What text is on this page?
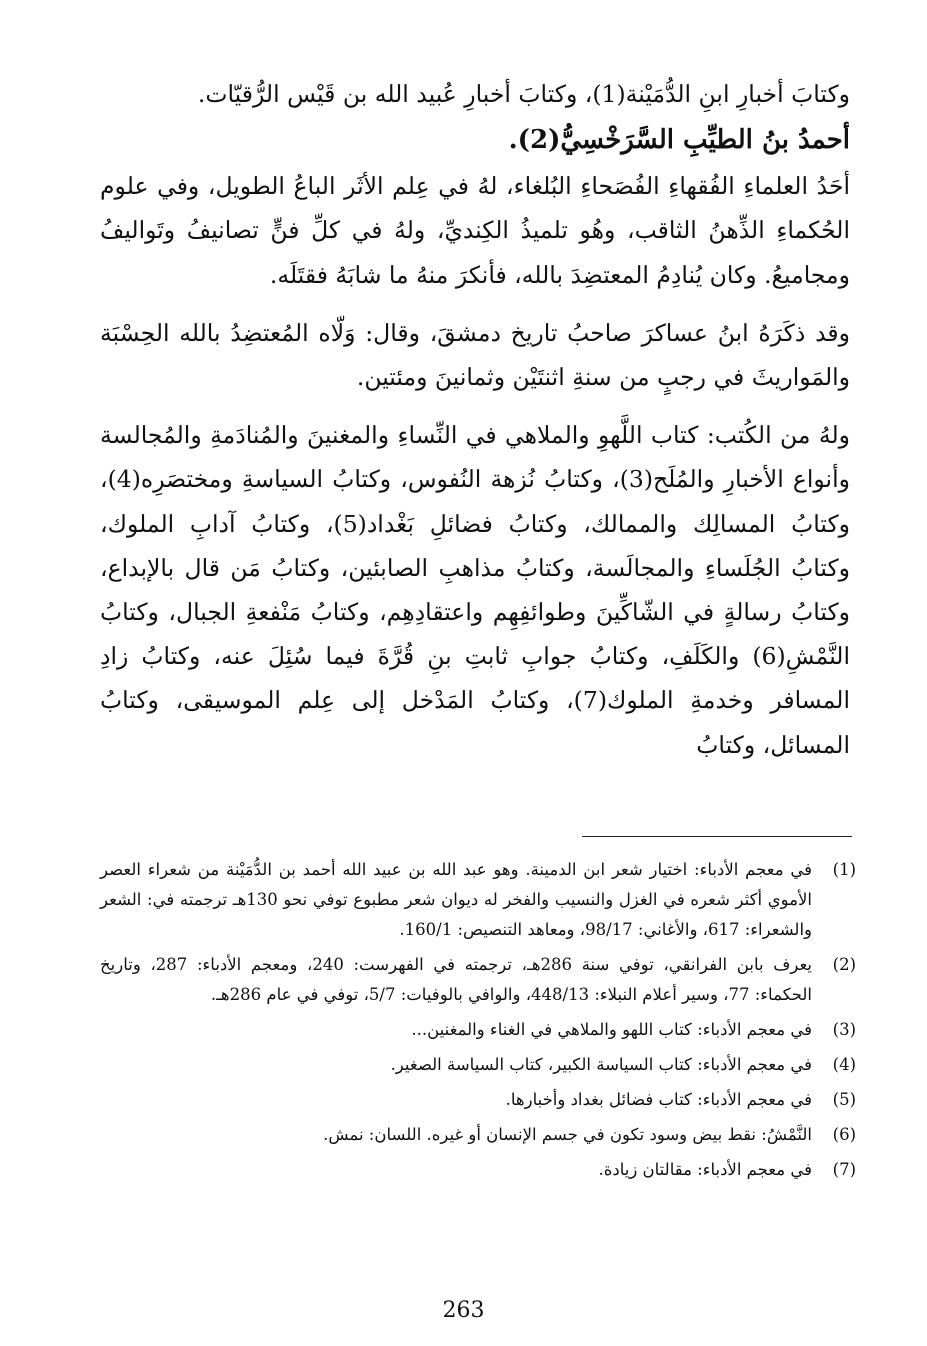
وكتابَ أخبارِ ابنِ الدُّمَيْنة(1)، وكتابَ أخبارِ عُبيد الله بن قَيْس الرُّقيّات.

أحمدُ بنُ الطيِّبِ السَّرَخْسِيُّ(2).

أحَدُ العلماءِ الفُقهاءِ الفُصَحاءِ البُلغاء، لهُ في عِلم الأثَر الباعُ الطويل، وفي علوم الحُكماءِ الذِّهنُ الثاقب، وهُو تلميذُ الكِنديِّ، ولهُ في كلِّ فنٍّ تصانيفُ وتَواليفُ ومجاميعُ. وكان يُنادِمُ المعتضِدَ بالله، فأنكرَ منهُ ما شابَهُ فقتَلَه.

وقد ذكَرَهُ ابنُ عساكرَ صاحبُ تاريخ دمشقَ، وقال: وَلّاه المُعتضِدُ بالله الحِسْبَة والمَواريثَ في رجبٍ من سنةِ اثنتَيْن وثمانينَ ومئتين.

ولهُ من الكُتب: كتاب اللَّهوِ والملاهي في النِّساءِ والمغنينَ والمُنادَمةِ والمُجالسة وأنواع الأخبارِ والمُلَح(3)، وكتابُ نُزهة النُفوس، وكتابُ السياسةِ ومختصَرِه(4)، وكتابُ المسالِك والممالك، وكتابُ فضائلِ بَغْداد(5)، وكتابُ آدابِ الملوك، وكتابُ الجُلَساءِ والمجالَسة، وكتابُ مذاهبِ الصابئين، وكتابُ مَن قال بالإبداع، وكتابُ رسالةٍ في الشّاكِّينَ وطوائفِهِم واعتقادِهِم، وكتابُ مَنْفعةِ الجبال، وكتابُ النَّمْشِ(6) والكَلَفِ، وكتابُ جوابِ ثابتِ بنِ قُرَّةَ فيما سُئِلَ عنه، وكتابُ زادِ المسافر وخدمةِ الملوك(7)، وكتابُ المَدْخل إلى عِلم الموسيقى، وكتابُ المسائل، وكتابُ

(1)
في معجم الأدباء: اختيار شعر ابن الدمينة. وهو عبد الله بن عبيد الله أحمد بن الدُّمَيْنة من شعراء العصر الأموي أكثر شعره في الغزل والنسيب والفخر له ديوان شعر مطبوع توفي نحو 130هـ ترجمته في: الشعر والشعراء: 617، والأغاني: 98/17، ومعاهد التنصيص: 160/1.
(2)
يعرف بابن الفرانقي، توفي سنة 286هـ، ترجمته في الفهرست: 240، ومعجم الأدباء: 287، وتاريخ الحكماء: 77، وسير أعلام النبلاء: 448/13، والوافي بالوفيات: 5/7، توفي في عام 286هـ.
(3)
في معجم الأدباء: كتاب اللهو والملاهي في الغناء والمغنين...
(4)
في معجم الأدباء: كتاب السياسة الكبير، كتاب السياسة الصغير.
(5)
في معجم الأدباء: كتاب فضائل بغداد وأخبارها.
(6)
النَّمْشُ: نقط بيض وسود تكون في جسم الإنسان أو غيره. اللسان: نمش.
(7)
في معجم الأدباء: مقالتان زيادة.
263
